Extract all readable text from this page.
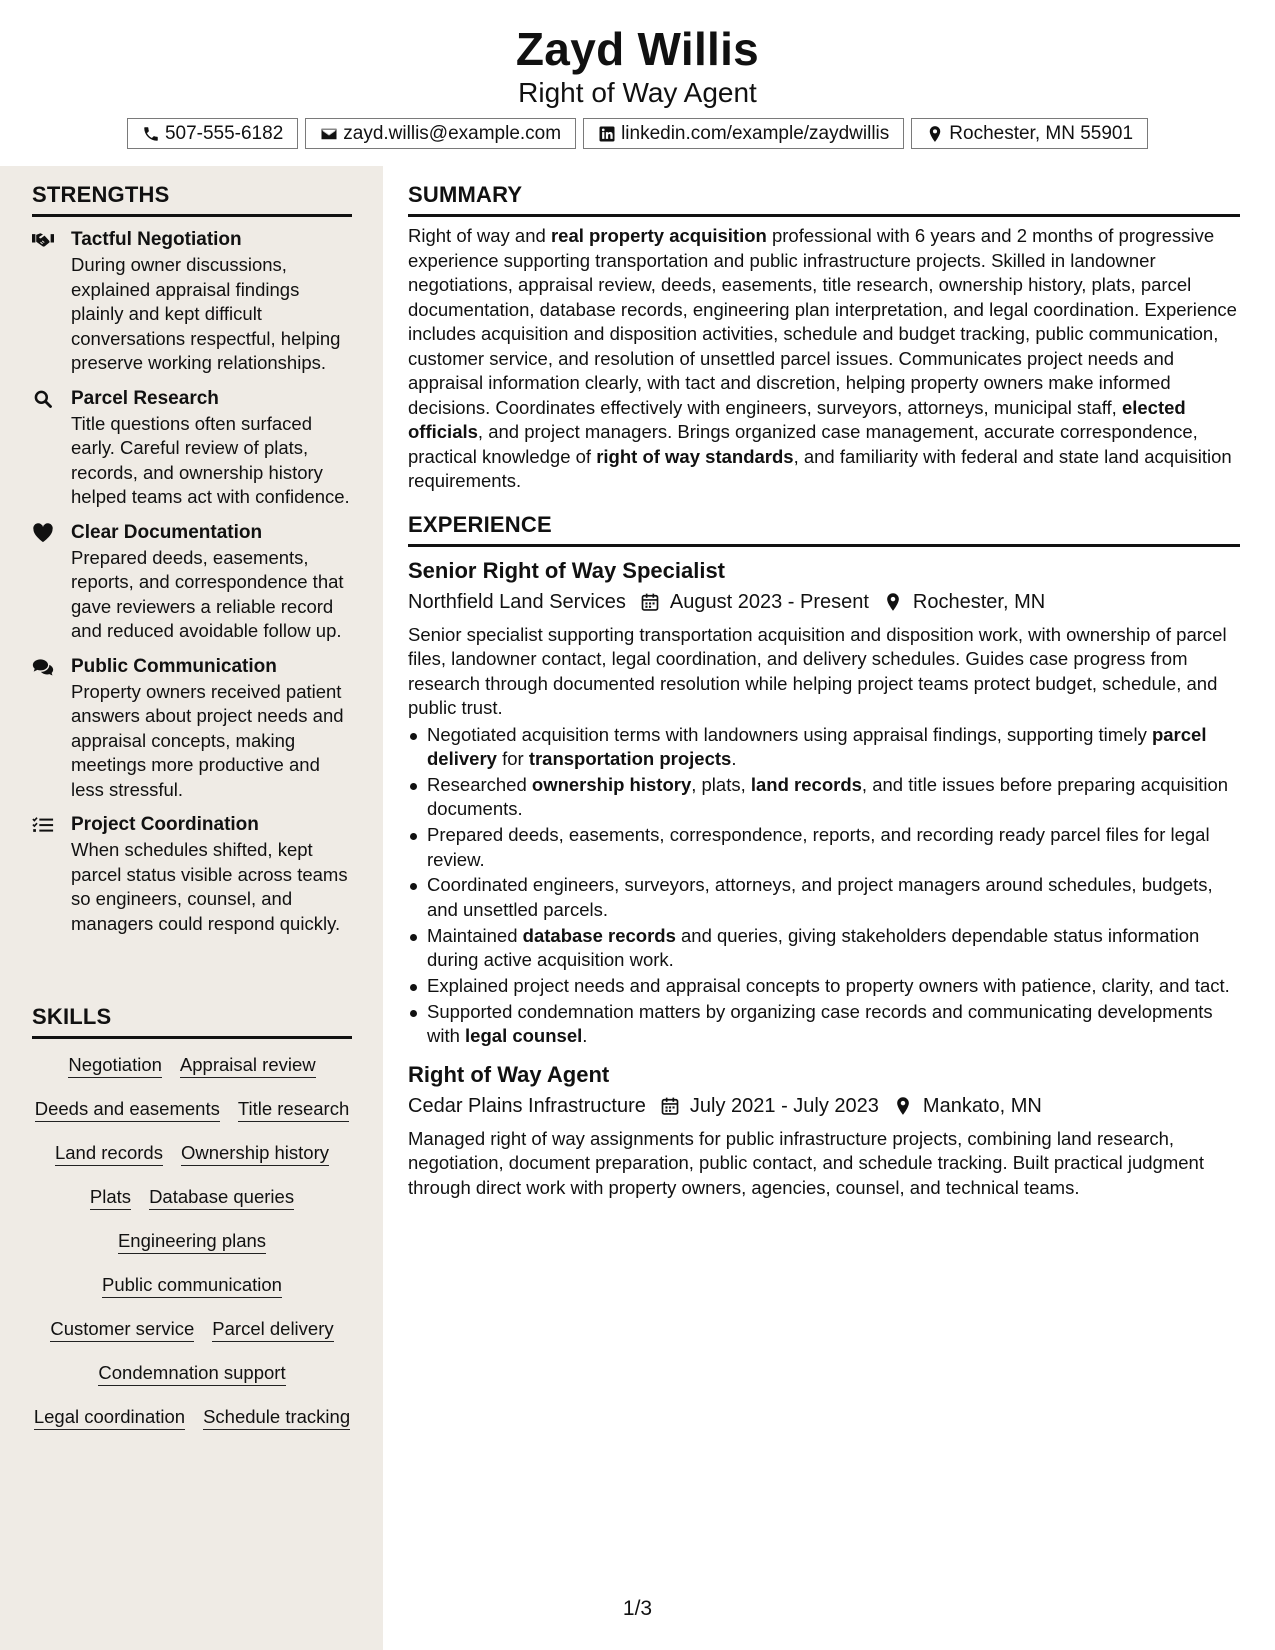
Zayd Willis
Right of Way Agent
507-555-6182	zayd.willis@example.com	linkedin.com/example/zaydwillis	Rochester, MN 55901
STRENGTHS
Tactful Negotiation
During owner discussions, explained appraisal findings plainly and kept difficult conversations respectful, helping preserve working relationships.
Parcel Research
Title questions often surfaced early. Careful review of plats, records, and ownership history helped teams act with confidence.
Clear Documentation
Prepared deeds, easements, reports, and correspondence that gave reviewers a reliable record and reduced avoidable follow up.
Public Communication
Property owners received patient answers about project needs and appraisal concepts, making meetings more productive and less stressful.
Project Coordination
When schedules shifted, kept parcel status visible across teams so engineers, counsel, and managers could respond quickly.
SKILLS
Negotiation Appraisal review
Deeds and easements Title research
Land records Ownership history
Plats Database queries
Engineering plans
Public communication
Customer service Parcel delivery
Condemnation support
Legal coordination Schedule tracking
SUMMARY
Right of way and real property acquisition professional with 6 years and 2 months of progressive experience supporting transportation and public infrastructure projects. Skilled in landowner negotiations, appraisal review, deeds, easements, title research, ownership history, plats, parcel documentation, database records, engineering plan interpretation, and legal coordination. Experience includes acquisition and disposition activities, schedule and budget tracking, public communication, customer service, and resolution of unsettled parcel issues. Communicates project needs and appraisal information clearly, with tact and discretion, helping property owners make informed decisions. Coordinates effectively with engineers, surveyors, attorneys, municipal staff, elected officials, and project managers. Brings organized case management, accurate correspondence, practical knowledge of right of way standards, and familiarity with federal and state land acquisition requirements.
EXPERIENCE
Senior Right of Way Specialist
Northfield Land Services August 2023 - Present Rochester, MN
Senior specialist supporting transportation acquisition and disposition work, with ownership of parcel files, landowner contact, legal coordination, and delivery schedules. Guides case progress from research through documented resolution while helping project teams protect budget, schedule, and public trust.
Negotiated acquisition terms with landowners using appraisal findings, supporting timely parcel delivery for transportation projects.
Researched ownership history, plats, land records, and title issues before preparing acquisition documents.
Prepared deeds, easements, correspondence, reports, and recording ready parcel files for legal review.
Coordinated engineers, surveyors, attorneys, and project managers around schedules, budgets, and unsettled parcels.
Maintained database records and queries, giving stakeholders dependable status information during active acquisition work.
Explained project needs and appraisal concepts to property owners with patience, clarity, and tact.
Supported condemnation matters by organizing case records and communicating developments with legal counsel.
Right of Way Agent
Cedar Plains Infrastructure July 2021 - July 2023 Mankato, MN
Managed right of way assignments for public infrastructure projects, combining land research, negotiation, document preparation, public contact, and schedule tracking. Built practical judgment through direct work with property owners, agencies, counsel, and technical teams.
1/3
